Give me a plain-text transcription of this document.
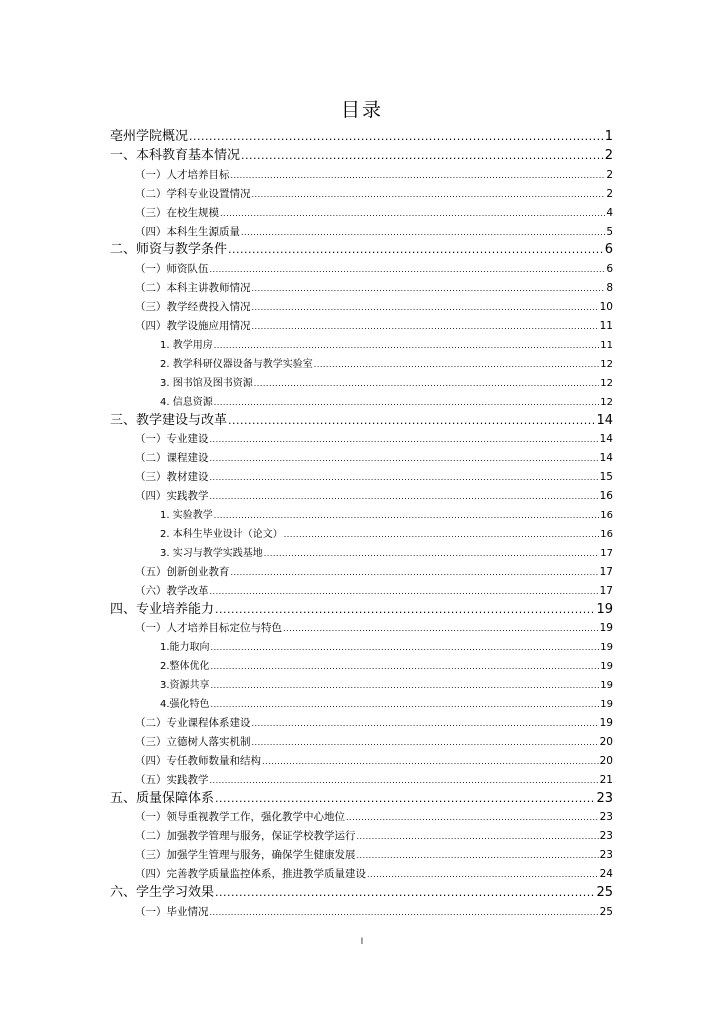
目录
亳州学院概况 .....	1
一、本科教育基本情况 .....	2
（一）人才培养目标 .....	2
（二）学科专业设置情况 .....	2
（三）在校生规模 .....	4
（四）本科生生源质量 .....	5
二、师资与教学条件 .....	6
（一）师资队伍 .....	6
（二）本科主讲教师情况 .....	8
（三）教学经费投入情况 .....	10
（四）教学设施应用情况 .....	11
1. 教学用房 .....	11
2. 教学科研仪器设备与教学实验室 .....	12
3. 图书馆及图书资源 .....	12
4. 信息资源 .....	12
三、教学建设与改革 .....	14
（一）专业建设 .....	14
（二）课程建设 .....	14
（三）教材建设 .....	15
（四）实践教学 .....	16
1. 实验教学 .....	16
2. 本科生毕业设计（论文） .....	16
3. 实习与教学实践基地 .....	17
（五）创新创业教育 .....	17
（六）教学改革 .....	17
四、专业培养能力 .....	19
（一）人才培养目标定位与特色 .....	19
1.能力取向 .....	19
2.整体优化 .....	19
3.资源共享 .....	19
4.强化特色 .....	19
（二）专业课程体系建设 .....	19
（三）立德树人落实机制 .....	20
（四）专任教师数量和结构 .....	20
（五）实践教学 .....	21
五、质量保障体系 .....	23
（一）领导重视教学工作，强化教学中心地位 .....	23
（二）加强教学管理与服务，保证学校教学运行 .....	23
（三）加强学生管理与服务，确保学生健康发展 .....	23
（四）完善教学质量监控体系，推进教学质量建设 .....	24
六、学生学习效果 .....	25
（一）毕业情况 .....	25
I
